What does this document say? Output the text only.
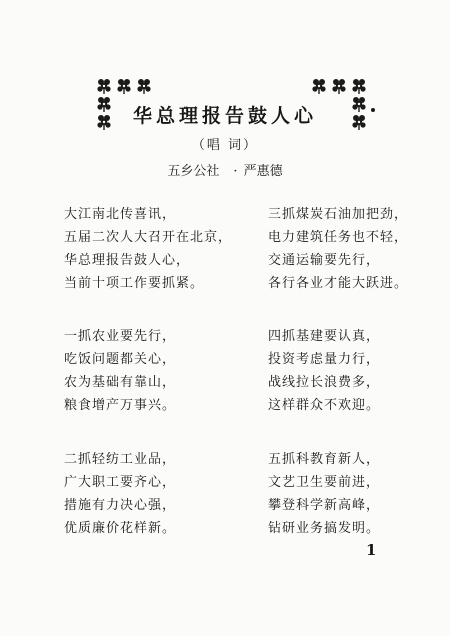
华总理报告鼓人心

（唱 词）

五乡公社 · 严惠德

大江南北传喜讯，
五届二次人大召开在北京，
华总理报告鼓人心，
当前十项工作要抓紧。
一抓农业要先行，
吃饭问题都关心，
农为基础有靠山，
粮食增产万事兴。
二抓轻纺工业品，
广大职工要齐心，
措施有力决心强，
优质廉价花样新。
三抓煤炭石油加把劲，
电力建筑任务也不轻，
交通运输要先行，
各行各业才能大跃进。
四抓基建要认真，
投资考虑量力行，
战线拉长浪费多，
这样群众不欢迎。
五抓科教育新人，
文艺卫生要前进，
攀登科学新高峰，
钻研业务搞发明。

1
